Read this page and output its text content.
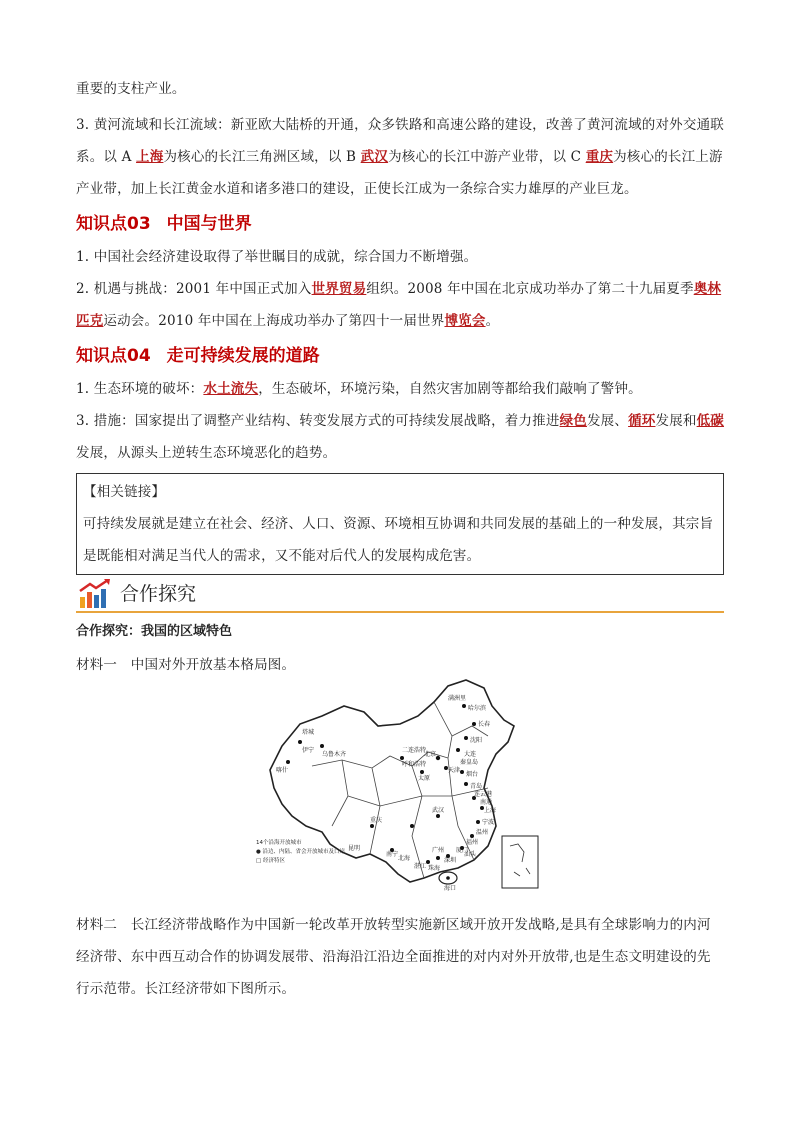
重要的支柱产业。

3. 黄河流域和长江流域：新亚欧大陆桥的开通，众多铁路和高速公路的建设，改善了黄河流域的对外交通联系。以 A 上海为核心的长江三角洲区域，以 B 武汉为核心的长江中游产业带，以 C 重庆为核心的长江上游产业带，加上长江黄金水道和诸多港口的建设，正使长江成为一条综合实力雄厚的产业巨龙。

知识点03 中国与世界

1. 中国社会经济建设取得了举世瞩目的成就，综合国力不断增强。

2. 机遇与挑战：2001 年中国正式加入世界贸易组织。2008 年中国在北京成功举办了第二十九届夏季奥林匹克运动会。2010 年中国在上海成功举办了第四十一届世界博览会。

知识点04 走可持续发展的道路

1. 生态环境的破坏：水土流失，生态破坏，环境污染，自然灾害加剧等都给我们敲响了警钟。

3. 措施：国家提出了调整产业结构、转变发展方式的可持续发展战略，着力推进绿色发展、循环发展和低碳发展，从源头上逆转生态环境恶化的趋势。

【相关链接】

可持续发展就是建立在社会、经济、人口、资源、环境相互协调和共同发展的基础上的一种发展，其宗旨是既能相对满足当代人的需求，又不能对后代人的发展构成危害。

合作探究

合作探究：我国的区域特色

材料一　中国对外开放基本格局图。

材料二　长江经济带战略作为中国新一轮改革开放转型实施新区域开放开发战略,是具有全球影响力的内河经济带、东中西互动合作的协调发展带、沿海沿江沿边全面推进的对内对外开放带,也是生态文明建设的先行示范带。长江经济带如下图所示。

乌鲁木齐
伊宁
塔城
喀什
哈尔滨
长春
沈阳
大连
北京
天津
秦皇岛
烟台
青岛
连云港
南通
上海
宁波
温州
福州
厦门
汕头
深圳
珠海
广州
湛江
北海
海口
重庆
武汉
满洲里
二连浩特
呼和浩特
太原
昆明
南宁
14个沿海开放城市
● 沿边、内陆、省会开放城市及口岸
□ 经济特区
